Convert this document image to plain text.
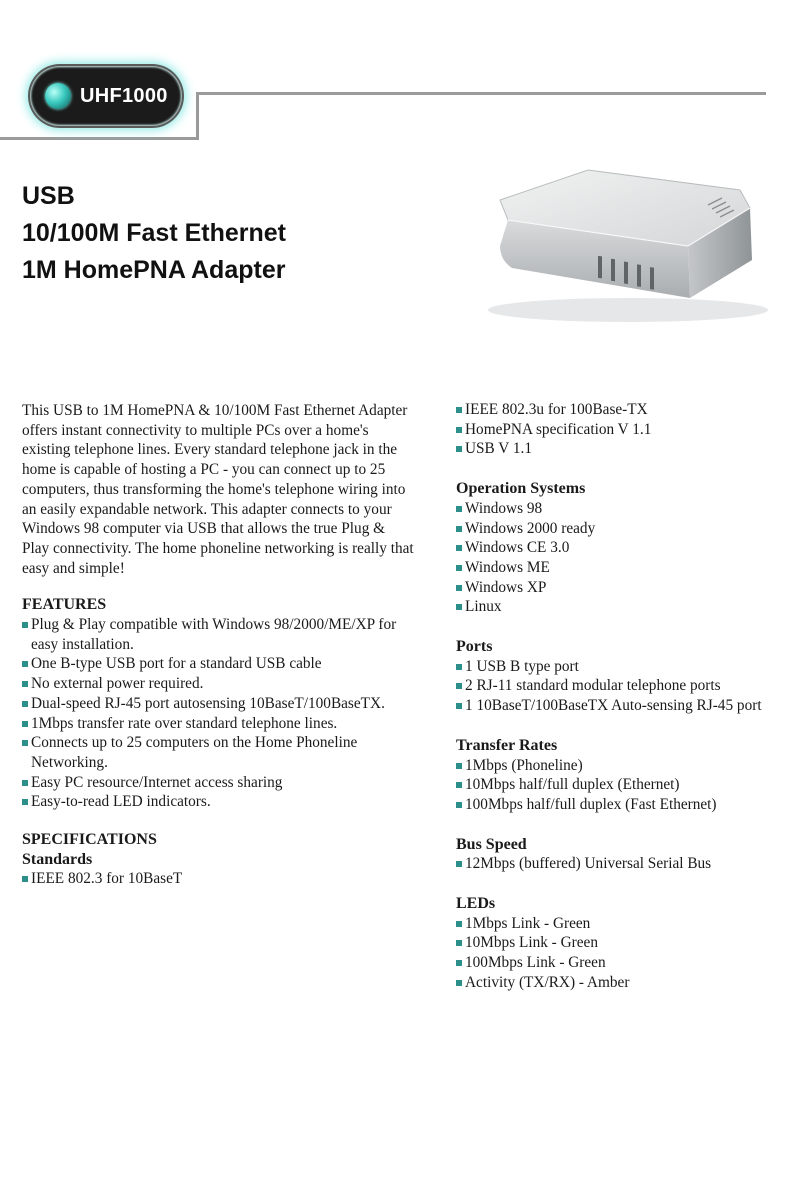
UHF1000
USB
10/100M Fast Ethernet
1M HomePNA Adapter

This USB to 1M HomePNA & 10/100M Fast Ethernet Adapter offers instant connectivity to multiple PCs over a home's existing telephone lines. Every standard telephone jack in the home is capable of hosting a PC - you can connect up to 25 computers, thus transforming the home's telephone wiring into an easily expandable network. This adapter connects to your Windows 98 computer via USB that allows the true Plug & Play connectivity. The home phoneline networking is really that easy and simple!

FEATURES
Plug & Play compatible with Windows 98/2000/ME/XP for easy installation.
One B-type USB port for a standard USB cable
No external power required.
Dual-speed RJ-45 port autosensing 10BaseT/100BaseTX.
1Mbps transfer rate over standard telephone lines.
Connects up to 25 computers on the Home Phoneline Networking.
Easy PC resource/Internet access sharing
Easy-to-read LED indicators.
SPECIFICATIONS
Standards
IEEE 802.3 for 10BaseT
IEEE 802.3u for 100Base-TX
HomePNA specification V 1.1
USB V 1.1
Operation Systems
Windows 98
Windows 2000 ready
Windows CE 3.0
Windows ME
Windows XP
Linux
Ports
1 USB B type port
2 RJ-11 standard modular telephone ports
1 10BaseT/100BaseTX Auto-sensing RJ-45 port
Transfer Rates
1Mbps (Phoneline)
10Mbps half/full duplex (Ethernet)
100Mbps half/full duplex (Fast Ethernet)
Bus Speed
12Mbps (buffered) Universal Serial Bus
LEDs
1Mbps Link - Green
10Mbps Link - Green
100Mbps Link - Green
Activity (TX/RX) - Amber
